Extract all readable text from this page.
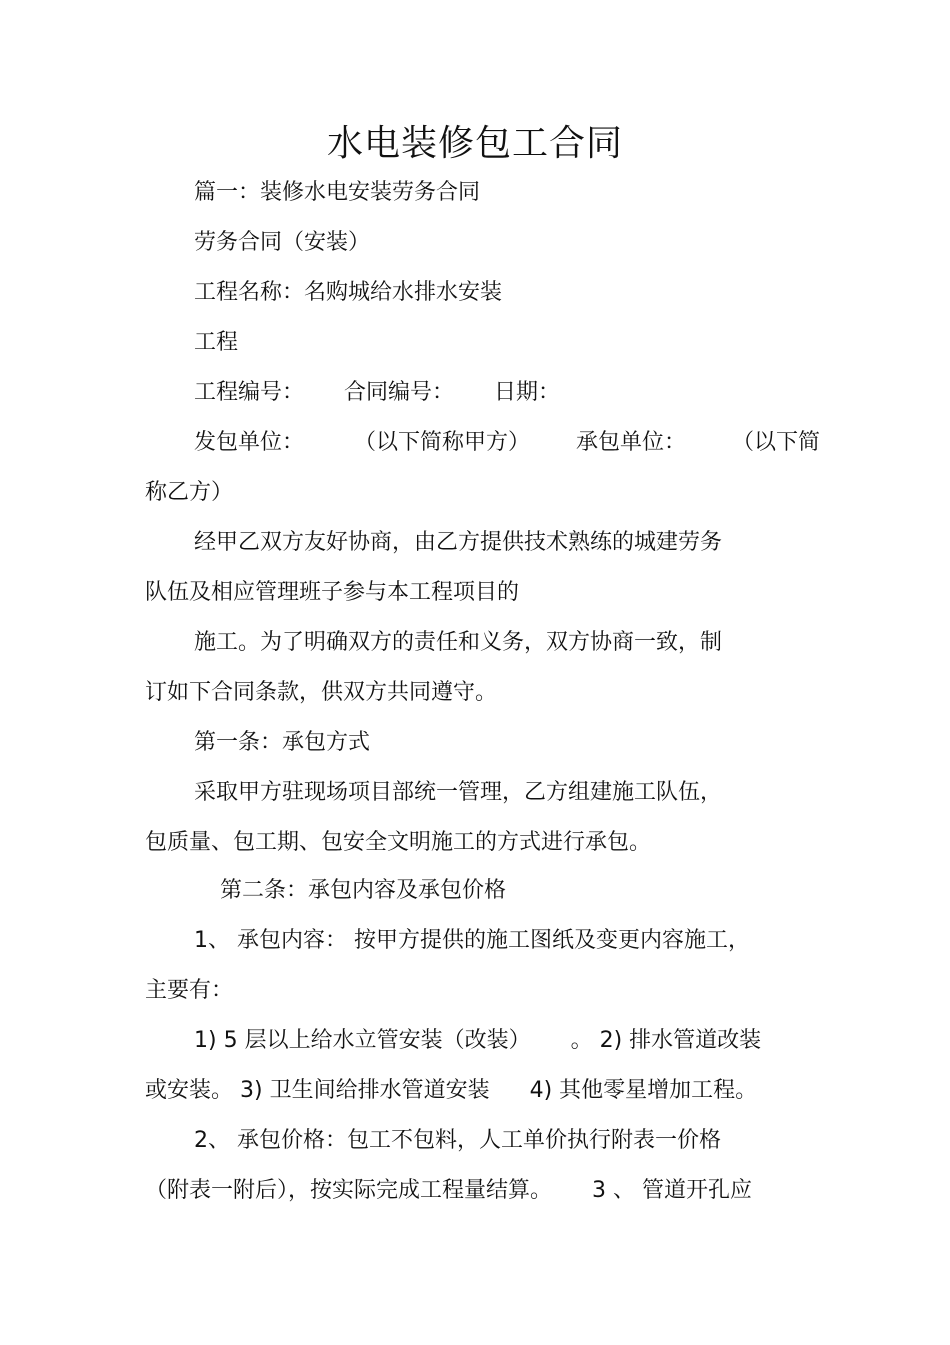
水电装修包工合同
篇一：装修水电安装劳务合同
劳务合同（安装）
工程名称：名购城给水排水安装
工程
工程编号： 合同编号： 日期：
发包单位： （以下简称甲方） 承包单位： （以下简
称乙方）
经甲乙双方友好协商，由乙方提供技术熟练的城建劳务
队伍及相应管理班子参与本工程项目的
施工。为了明确双方的责任和义务，双方协商一致，制
订如下合同条款，供双方共同遵守。
第一条：承包方式
采取甲方驻现场项目部统一管理，乙方组建施工队伍，
包质量、包工期、包安全文明施工的方式进行承包。
第二条：承包内容及承包价格
1、 承包内容： 按甲方提供的施工图纸及变更内容施工，
主要有：
1) 5 层以上给水立管安装（改装） 。 2) 排水管道改装
或安装。 3) 卫生间给排水管道安装 4) 其他零星增加工程。
2、 承包价格：包工不包料，人工单价执行附表一价格
（附表一附后），按实际完成工程量结算。 3 、 管道开孔应
